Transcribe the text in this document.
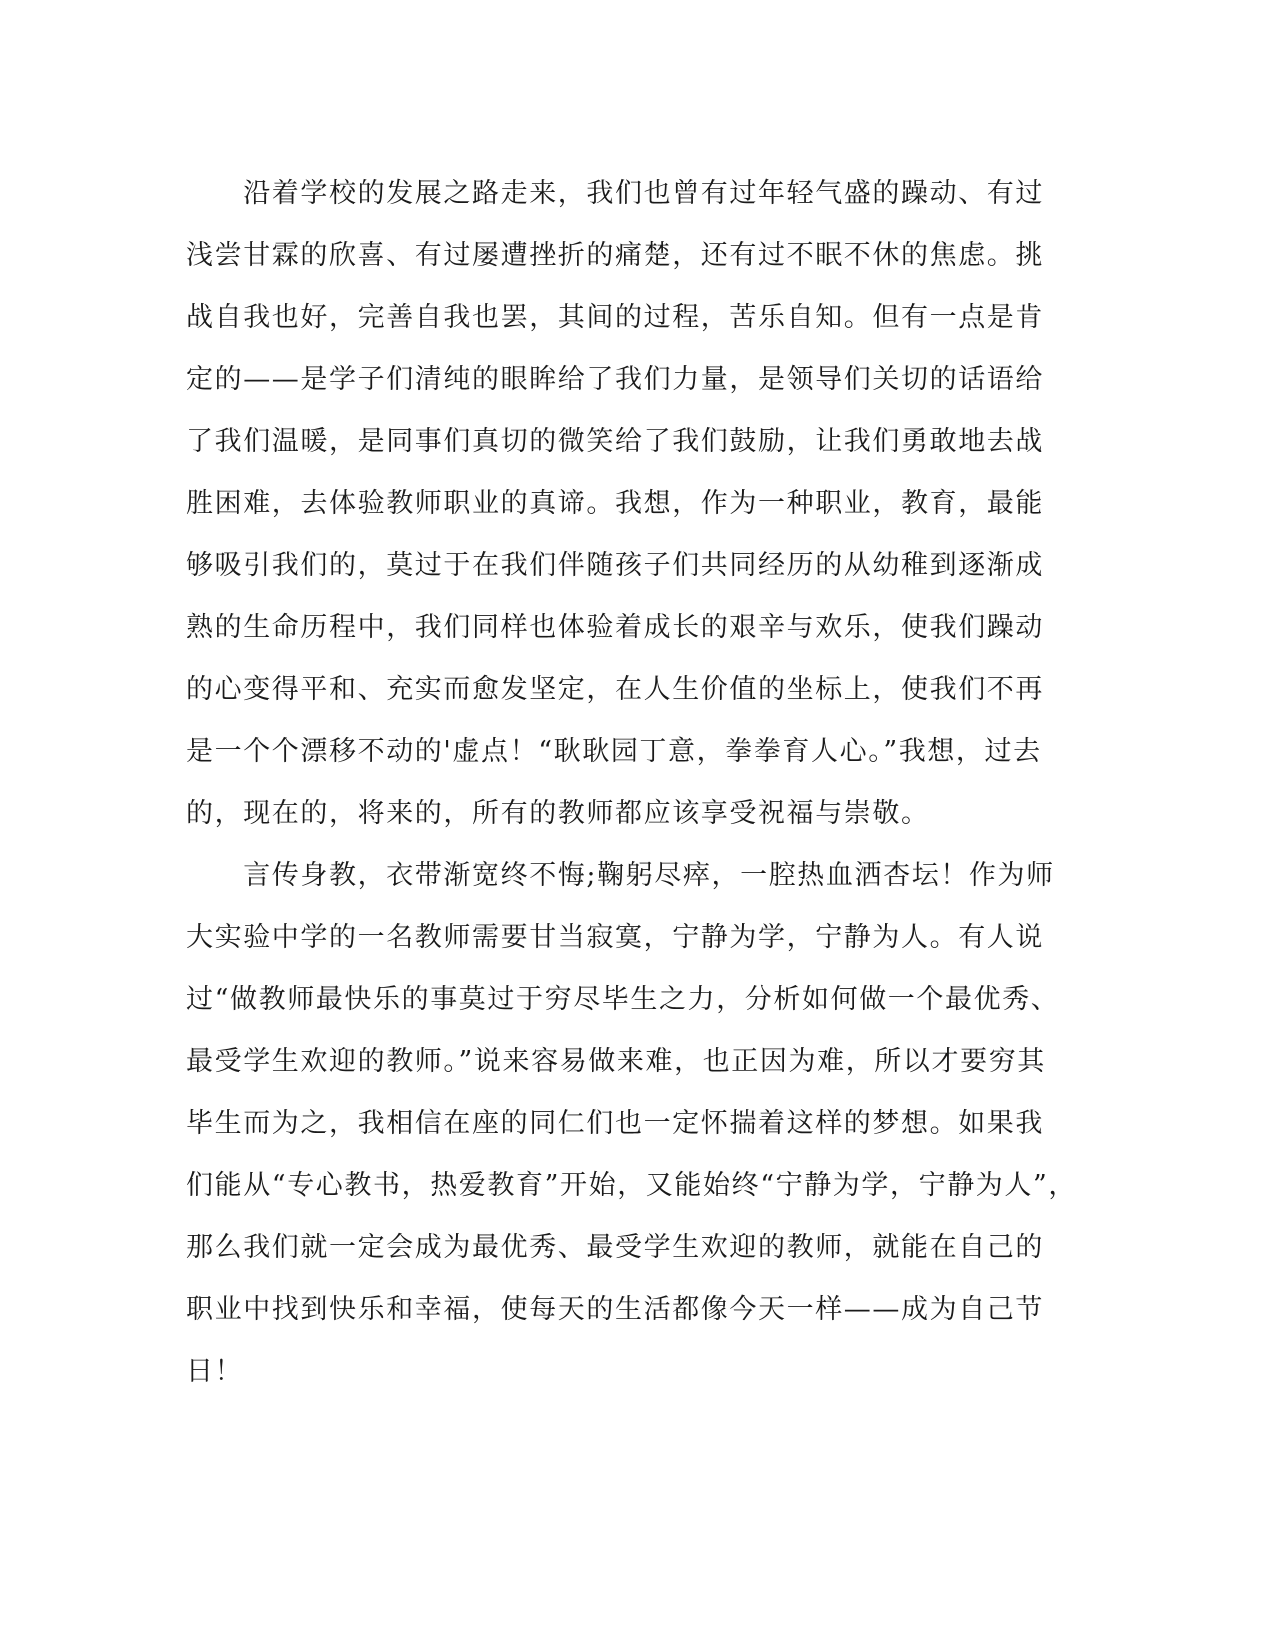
　　沿着学校的发展之路走来，我们也曾有过年轻气盛的躁动、有过
浅尝甘霖的欣喜、有过屡遭挫折的痛楚，还有过不眠不休的焦虑。挑
战自我也好，完善自我也罢，其间的过程，苦乐自知。但有一点是肯
定的——是学子们清纯的眼眸给了我们力量，是领导们关切的话语给
了我们温暖，是同事们真切的微笑给了我们鼓励，让我们勇敢地去战
胜困难，去体验教师职业的真谛。我想，作为一种职业，教育，最能
够吸引我们的，莫过于在我们伴随孩子们共同经历的从幼稚到逐渐成
熟的生命历程中，我们同样也体验着成长的艰辛与欢乐，使我们躁动
的心变得平和、充实而愈发坚定，在人生价值的坐标上，使我们不再
是一个个漂移不动的'虚点！“耿耿园丁意，拳拳育人心。”我想，过去
的，现在的，将来的，所有的教师都应该享受祝福与崇敬。
　　言传身教，衣带渐宽终不悔;鞠躬尽瘁，一腔热血洒杏坛！作为师
大实验中学的一名教师需要甘当寂寞，宁静为学，宁静为人。有人说
过“做教师最快乐的事莫过于穷尽毕生之力，分析如何做一个最优秀、
最受学生欢迎的教师。”说来容易做来难，也正因为难，所以才要穷其
毕生而为之，我相信在座的同仁们也一定怀揣着这样的梦想。如果我
们能从“专心教书，热爱教育”开始，又能始终“宁静为学，宁静为人”，
那么我们就一定会成为最优秀、最受学生欢迎的教师，就能在自己的
职业中找到快乐和幸福，使每天的生活都像今天一样——成为自己节
日！
